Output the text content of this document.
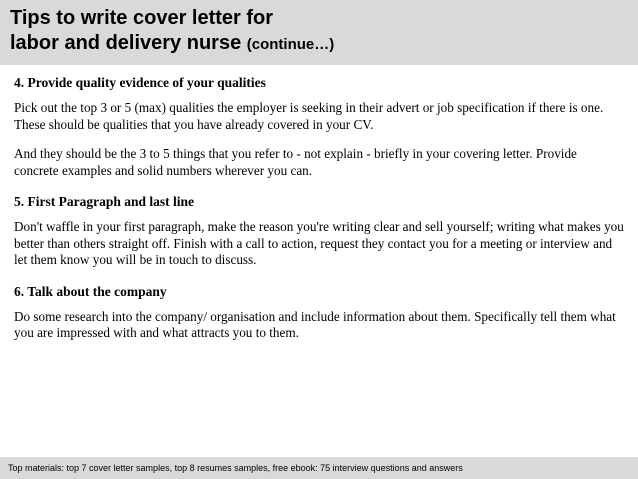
Tips to write cover letter for
labor and delivery nurse (continue…)
4. Provide quality evidence of your qualities

Pick out the top 3 or 5 (max) qualities the employer is seeking in their advert or job specification if there is one. These should be qualities that you have already covered in your CV.

And they should be the 3 to 5 things that you refer to - not explain - briefly in your covering letter. Provide concrete examples and solid numbers wherever you can.

5. First Paragraph and last line

Don't waffle in your first paragraph, make the reason you're writing clear and sell yourself; writing what makes you better than others straight off. Finish with a call to action, request they contact you for a meeting or interview and let them know you will be in touch to discuss.

6. Talk about the company

Do some research into the company/ organisation and include information about them. Specifically tell them what you are impressed with and what attracts you to them.

Top materials: top 7 cover letter samples, top 8 resumes samples, free ebook: 75 interview questions and answers
